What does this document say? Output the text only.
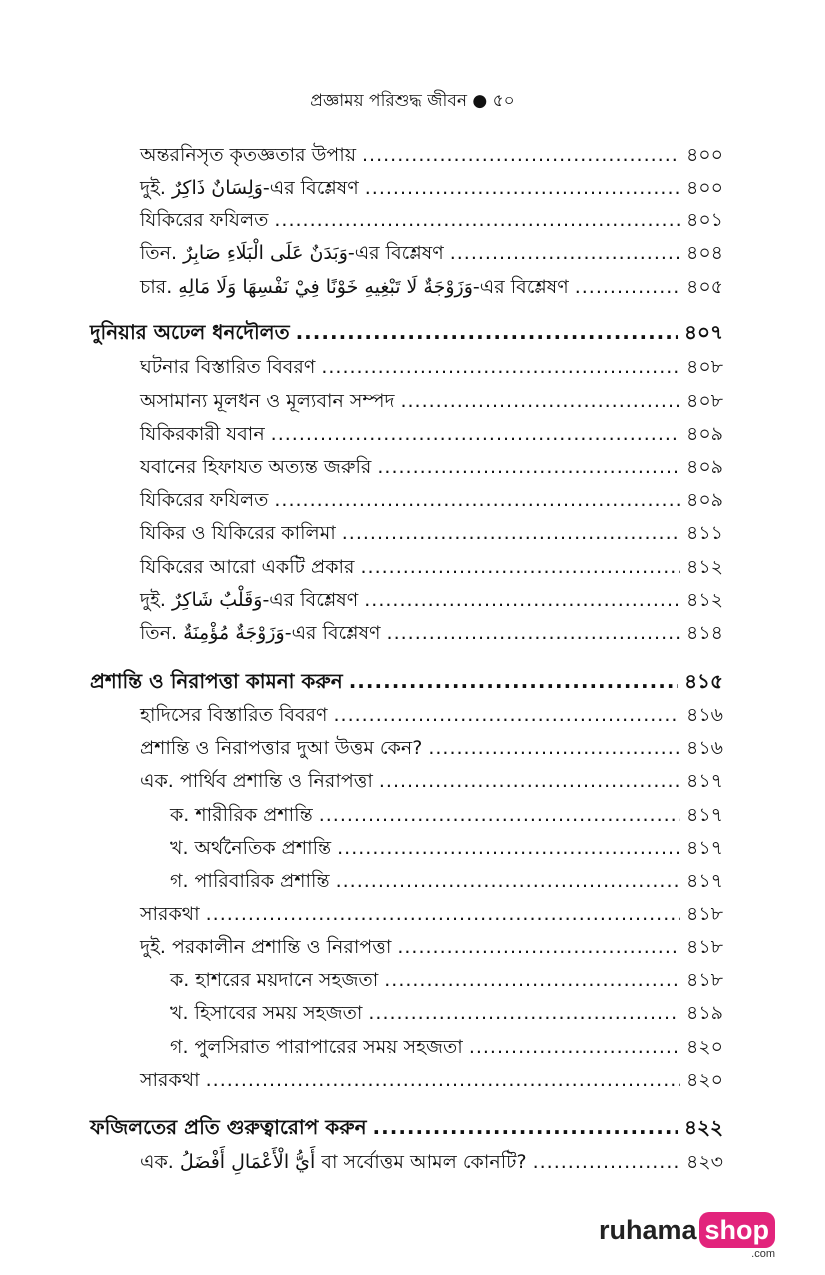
প্রজ্ঞাময় পরিশুদ্ধ জীবন ● ৫০
অন্তরনিসৃত কৃতজ্ঞতার উপায় .....	৪০০
দুই. وَلِسَانٌ ذَاكِرٌ-এর বিশ্লেষণ .....	৪০০
যিকিরের ফযিলত .....	৪০১
তিন. وَبَدَنٌ عَلَى الْبَلَاءِ صَابِرٌ-এর বিশ্লেষণ .....	৪০৪
চার. وَزَوْجَةٌ لَا تَبْغِيهِ خَوْنًا فِيْ نَفْسِهَا وَلَا مَالِهِ-এর বিশ্লেষণ .....	৪০৫
দুনিয়ার অঢেল ধনদৌলত .....	৪০৭
ঘটনার বিস্তারিত বিবরণ .....	৪০৮
অসামান্য মূলধন ও মূল্যবান সম্পদ .....	৪০৮
যিকিরকারী যবান .....	৪০৯
যবানের হিফাযত অত্যন্ত জরুরি .....	৪০৯
যিকিরের ফযিলত .....	৪০৯
যিকির ও যিকিরের কালিমা .....	৪১১
যিকিরের আরো একটি প্রকার .....	৪১২
দুই. وَقَلْبٌ شَاكِرٌ-এর বিশ্লেষণ .....	৪১২
তিন. وَزَوْجَةٌ مُؤْمِنَةٌ-এর বিশ্লেষণ .....	৪১৪
প্রশান্তি ও নিরাপত্তা কামনা করুন .....	৪১৫
হাদিসের বিস্তারিত বিবরণ .....	৪১৬
প্রশান্তি ও নিরাপত্তার দুআ উত্তম কেন? .....	৪১৬
এক. পার্থিব প্রশান্তি ও নিরাপত্তা .....	৪১৭
ক. শারীরিক প্রশান্তি .....	৪১৭
খ. অর্থনৈতিক প্রশান্তি .....	৪১৭
গ. পারিবারিক প্রশান্তি .....	৪১৭
সারকথা .....	৪১৮
দুই. পরকালীন প্রশান্তি ও নিরাপত্তা .....	৪১৮
ক. হাশরের ময়দানে সহজতা .....	৪১৮
খ. হিসাবের সময় সহজতা .....	৪১৯
গ. পুলসিরাত পারাপারের সময় সহজতা .....	৪২০
সারকথা .....	৪২০
ফজিলতের প্রতি গুরুত্বারোপ করুন .....	৪২২
এক. أَيُّ الْأَعْمَالِ أَفْضَلُ বা সর্বোত্তম আমল কোনটি? .....	৪২৩
ruhama shop
.com
